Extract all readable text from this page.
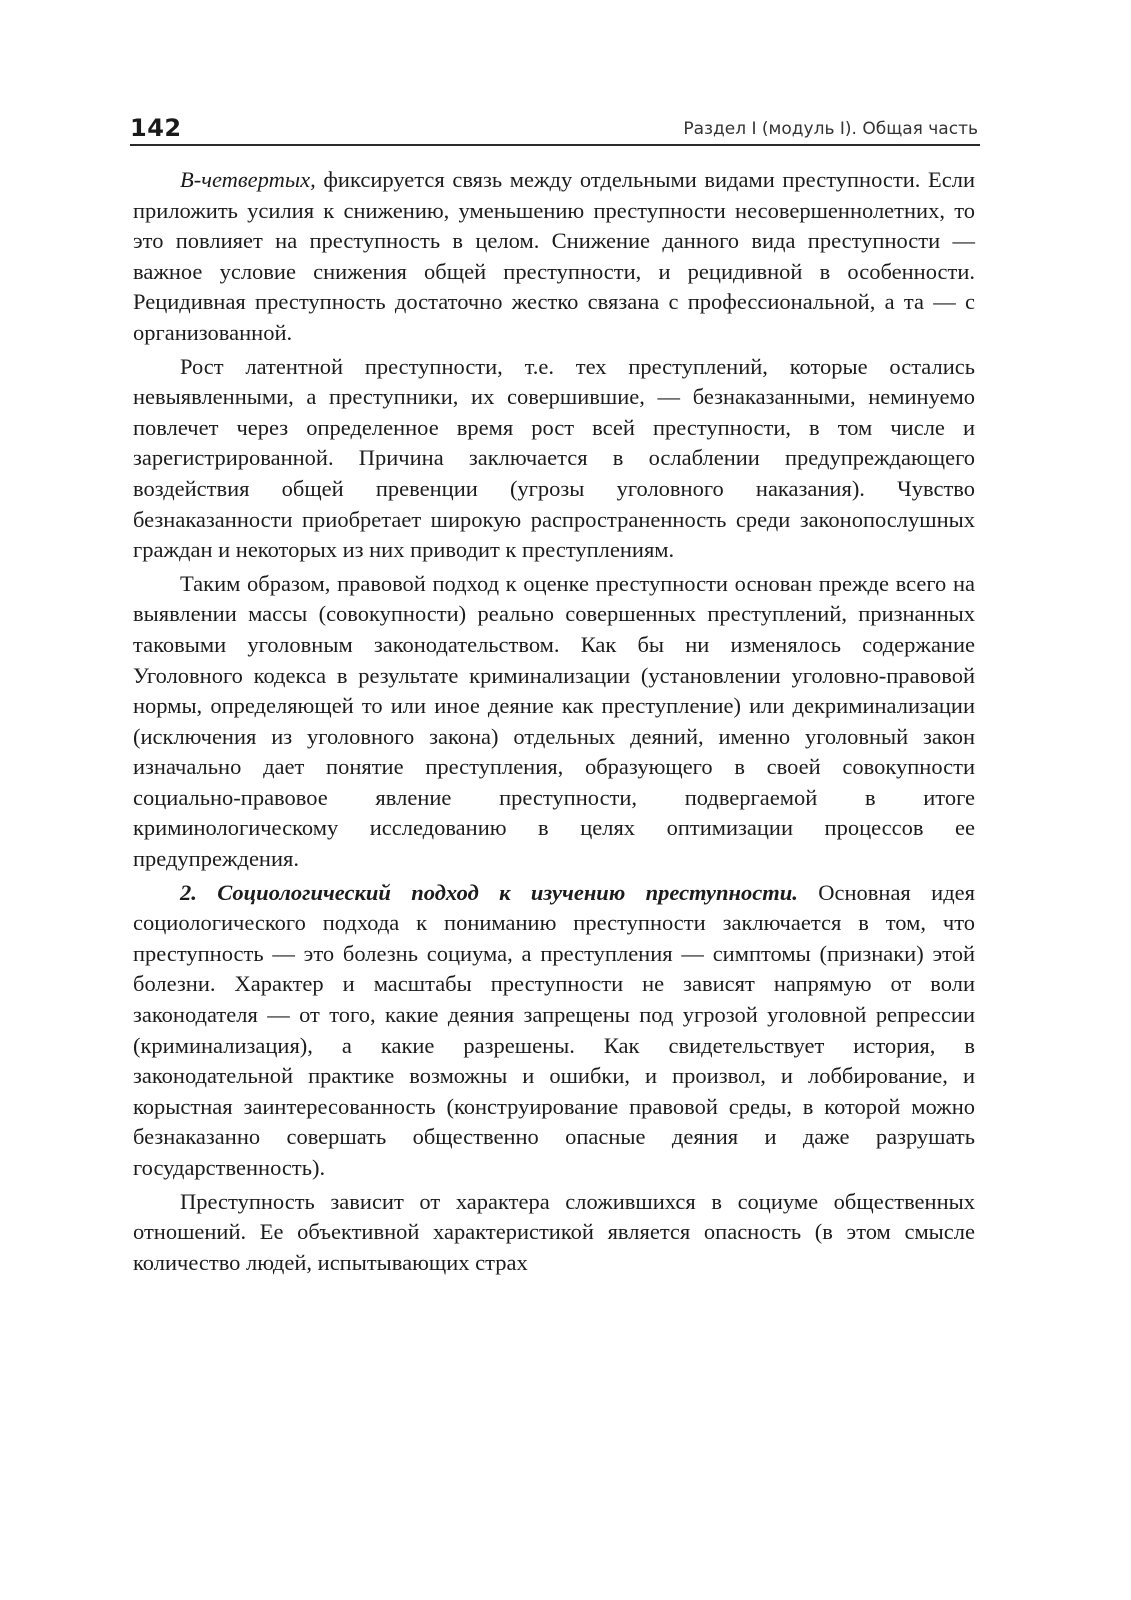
142	Раздел I (модуль I). Общая часть

В-четвертых, фиксируется связь между отдельными видами преступности. Если приложить усилия к снижению, уменьшению преступности несовершеннолетних, то это повлияет на преступность в целом. Снижение данного вида преступности — важное условие снижения общей преступности, и рецидивной в особенности. Рецидивная преступность достаточно жестко связана с профессиональной, а та — с организованной.

Рост латентной преступности, т.е. тех преступлений, которые остались невыявленными, а преступники, их совершившие, — безнаказанными, неминуемо повлечет через определенное время рост всей преступности, в том числе и зарегистрированной. Причина заключается в ослаблении предупреждающего воздействия общей превенции (угрозы уголовного наказания). Чувство безнаказанности приобретает широкую распространенность среди законопослушных граждан и некоторых из них приводит к преступлениям.

Таким образом, правовой подход к оценке преступности основан прежде всего на выявлении массы (совокупности) реально совершенных преступлений, признанных таковыми уголовным законодательством. Как бы ни изменялось содержание Уголовного кодекса в результате криминализации (установлении уголовно-правовой нормы, определяющей то или иное деяние как преступление) или декриминализации (исключения из уголовного закона) отдельных деяний, именно уголовный закон изначально дает понятие преступления, образующего в своей совокупности социально-правовое явление преступности, подвергаемой в итоге криминологическому исследованию в целях оптимизации процессов ее предупреждения.

2. Социологический подход к изучению преступности. Основная идея социологического подхода к пониманию преступности заключается в том, что преступность — это болезнь социума, а преступления — симптомы (признаки) этой болезни. Характер и масштабы преступности не зависят напрямую от воли законодателя — от того, какие деяния запрещены под угрозой уголовной репрессии (криминализация), а какие разрешены. Как свидетельствует история, в законодательной практике возможны и ошибки, и произвол, и лоббирование, и корыстная заинтересованность (конструирование правовой среды, в которой можно безнаказанно совершать общественно опасные деяния и даже разрушать государственность).

Преступность зависит от характера сложившихся в социуме общественных отношений. Ее объективной характеристикой является опасность (в этом смысле количество людей, испытывающих страх
